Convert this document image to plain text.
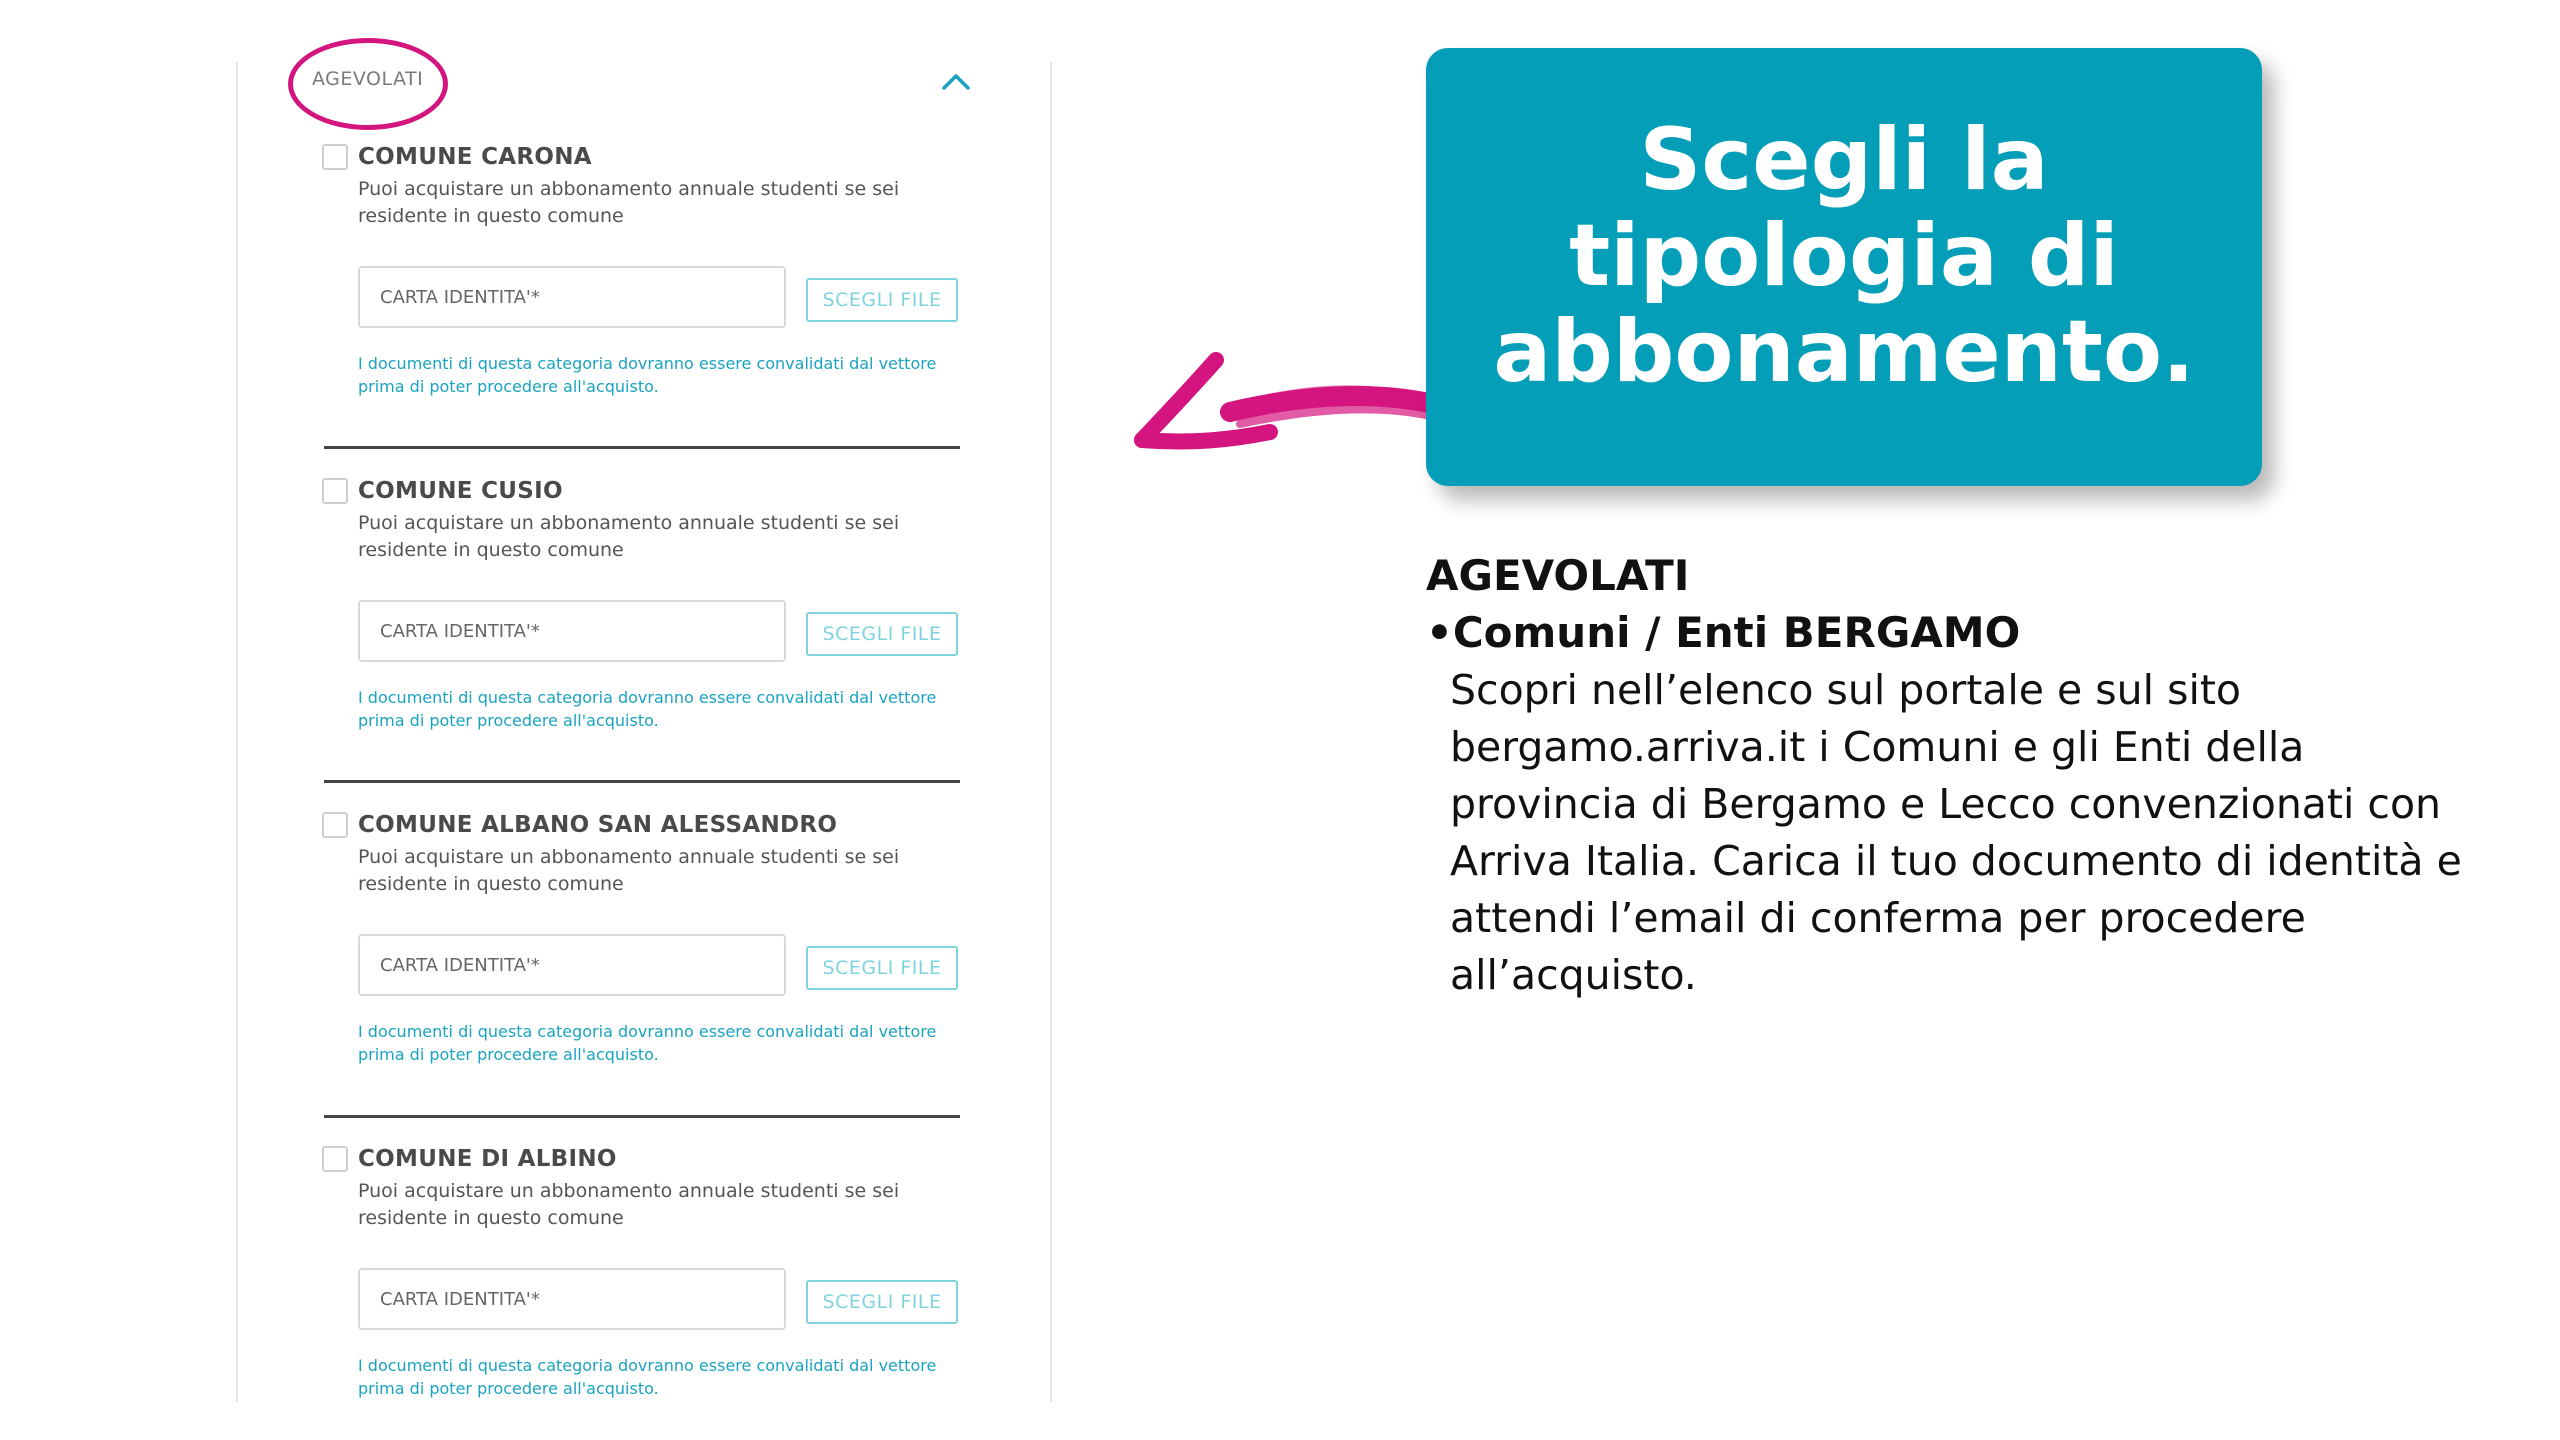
AGEVOLATI
COMUNE CARONA
Puoi acquistare un abbonamento annuale studenti se sei residente in questo comune
CARTA IDENTITA'*	SCEGLI FILE
I documenti di questa categoria dovranno essere convalidati dal vettore prima di poter procedere all'acquisto.
COMUNE CUSIO
Puoi acquistare un abbonamento annuale studenti se sei residente in questo comune
CARTA IDENTITA'*	SCEGLI FILE
I documenti di questa categoria dovranno essere convalidati dal vettore prima di poter procedere all'acquisto.
COMUNE ALBANO SAN ALESSANDRO
Puoi acquistare un abbonamento annuale studenti se sei residente in questo comune
CARTA IDENTITA'*	SCEGLI FILE
I documenti di questa categoria dovranno essere convalidati dal vettore prima di poter procedere all'acquisto.
COMUNE DI ALBINO
Puoi acquistare un abbonamento annuale studenti se sei residente in questo comune
CARTA IDENTITA'*	SCEGLI FILE
I documenti di questa categoria dovranno essere convalidati dal vettore prima di poter procedere all'acquisto.
Scegli la
tipologia di
abbonamento.

AGEVOLATI

•Comuni / Enti BERGAMO

Scopri nell’elenco sul portale e sul sito bergamo.arriva.it i Comuni e gli Enti della provincia di Bergamo e Lecco convenzionati con Arriva Italia. Carica il tuo documento di identità e attendi l’email di conferma per procedere all’acquisto.
